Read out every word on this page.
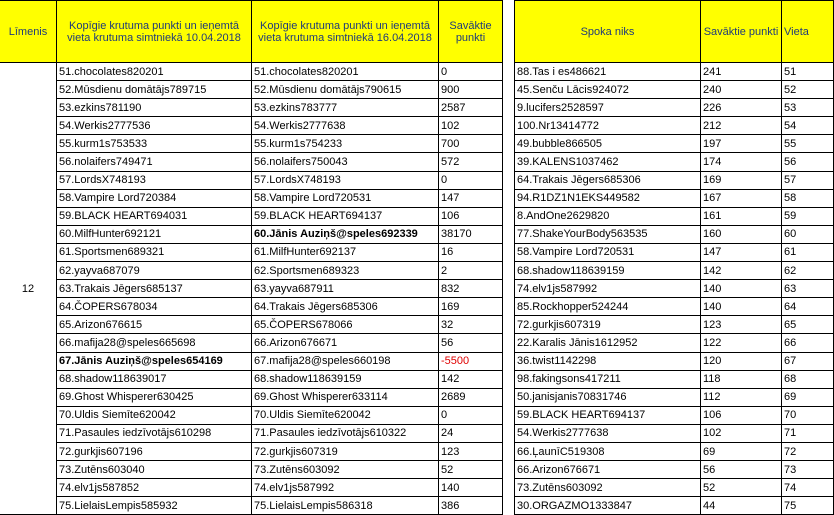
Līmenis	Kopīgie krutuma punkti un ieņemtā vieta krutuma simtniekā 10.04.2018	Kopīgie krutuma punkti un ieņemtā vieta krutuma simtniekā 16.04.2018	Savāktie punkti		Spoka niks	Savāktie punkti	Vieta
12	51.chocolates820201	51.chocolates820201	0		88.Tas i es486621	241	51
	52.Mūsdienu domātājs789715	52.Mūsdienu domātājs790615	900		45.Senču Lācis924072	240	52
	53.ezkins781190	53.ezkins783777	2587		9.lucifers2528597	226	53
	54.Werkis2777536	54.Werkis2777638	102		100.Nr13414772	212	54
	55.kurm1s753533	55.kurm1s754233	700		49.bubble866505	197	55
	56.nolaifers749471	56.nolaifers750043	572		39.KALENS1037462	174	56
	57.LordsX748193	57.LordsX748193	0		64.Trakais Jēgers685306	169	57
	58.Vampire Lord720384	58.Vampire Lord720531	147		94.R1DZ1N1EKS449582	167	58
	59.BLACK HEART694031	59.BLACK HEART694137	106		8.AndOne2629820	161	59
	60.MilfHunter692121	60.Jānis Auziņš@speles692339	38170		77.ShakeYourBody563535	160	60
	61.Sportsmen689321	61.MilfHunter692137	16		58.Vampire Lord720531	147	61
	62.yayva687079	62.Sportsmen689323	2		68.shadow118639159	142	62
	63.Trakais Jēgers685137	63.yayva687911	832		74.elv1js587992	140	63
	64.ČOPERS678034	64.Trakais Jēgers685306	169		85.Rockhopper524244	140	64
	65.Arizon676615	65.ČOPERS678066	32		72.gurkjis607319	123	65
	66.mafija28@speles665698	66.Arizon676671	56		22.Karalis Jānis1612952	122	66
	67.Jānis Auziņš@speles654169	67.mafija28@speles660198	-5500		36.twist1142298	120	67
	68.shadow118639017	68.shadow118639159	142		98.fakingsons417211	118	68
	69.Ghost Whisperer630425	69.Ghost Whisperer633114	2689		50.janisjanis70831746	112	69
	70.Uldis Siemīte620042	70.Uldis Siemīte620042	0		59.BLACK HEART694137	106	70
	71.Pasaules iedzīvotājs610298	71.Pasaules iedzīvotājs610322	24		54.Werkis2777638	102	71
	72.gurkjis607196	72.gurkjis607319	123		66.ĻaunīC519308	69	72
	73.Zutēns603040	73.Zutēns603092	52		66.Arizon676671	56	73
	74.elv1js587852	74.elv1js587992	140		73.Zutēns603092	52	74
	75.LielaisLempis585932	75.LielaisLempis586318	386		30.ORGAZMO1333847	44	75
